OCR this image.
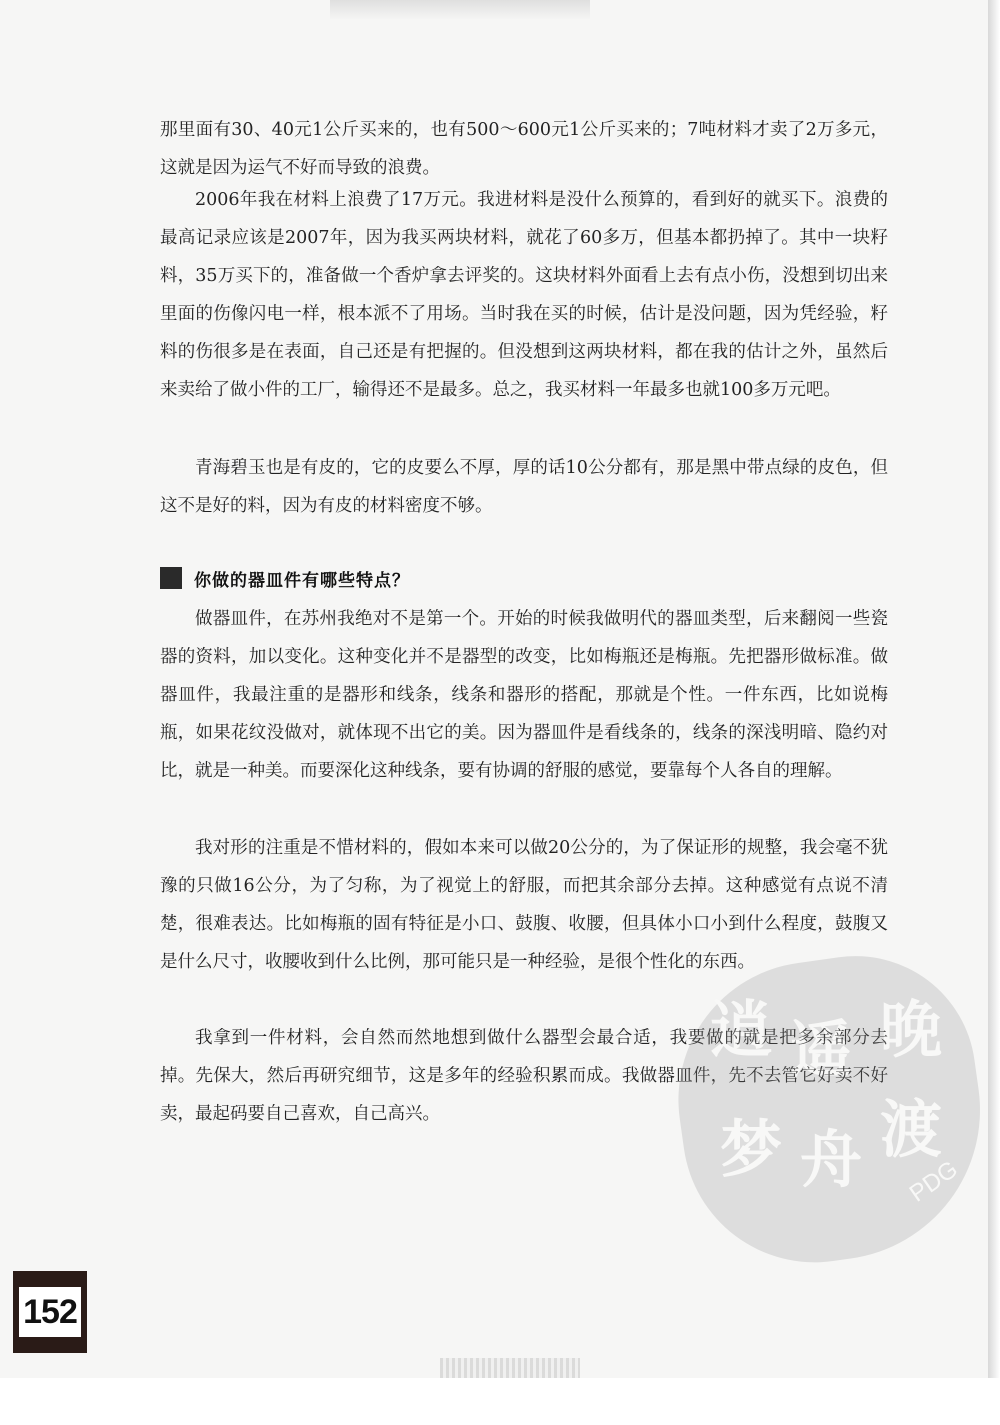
那里面有30、40元1公斤买来的，也有500～600元1公斤买来的；7吨材料才卖了2万多元，这就是因为运气不好而导致的浪费。

2006年我在材料上浪费了17万元。我进材料是没什么预算的，看到好的就买下。浪费的最高记录应该是2007年，因为我买两块材料，就花了60多万，但基本都扔掉了。其中一块籽料，35万买下的，准备做一个香炉拿去评奖的。这块材料外面看上去有点小伤，没想到切出来里面的伤像闪电一样，根本派不了用场。当时我在买的时候，估计是没问题，因为凭经验，籽料的伤很多是在表面，自己还是有把握的。但没想到这两块材料，都在我的估计之外，虽然后来卖给了做小件的工厂，输得还不是最多。总之，我买材料一年最多也就100多万元吧。

青海碧玉也是有皮的，它的皮要么不厚，厚的话10公分都有，那是黑中带点绿的皮色，但这不是好的料，因为有皮的材料密度不够。

你做的器皿件有哪些特点？

做器皿件，在苏州我绝对不是第一个。开始的时候我做明代的器皿类型，后来翻阅一些瓷器的资料，加以变化。这种变化并不是器型的改变，比如梅瓶还是梅瓶。先把器形做标准。做器皿件，我最注重的是器形和线条，线条和器形的搭配，那就是个性。一件东西，比如说梅瓶，如果花纹没做对，就体现不出它的美。因为器皿件是看线条的，线条的深浅明暗、隐约对比，就是一种美。而要深化这种线条，要有协调的舒服的感觉，要靠每个人各自的理解。

我对形的注重是不惜材料的，假如本来可以做20公分的，为了保证形的规整，我会毫不犹豫的只做16公分，为了匀称，为了视觉上的舒服，而把其余部分去掉。这种感觉有点说不清楚，很难表达。比如梅瓶的固有特征是小口、鼓腹、收腰，但具体小口小到什么程度，鼓腹又是什么尺寸，收腰收到什么比例，那可能只是一种经验，是很个性化的东西。

我拿到一件材料，会自然而然地想到做什么器型会最合适，我要做的就是把多余部分去掉。先保大，然后再研究细节，这是多年的经验积累而成。我做器皿件，先不去管它好卖不好卖，最起码要自己喜欢，自己高兴。

逍 遥 晚
梦 舟 渡
PDG
152
